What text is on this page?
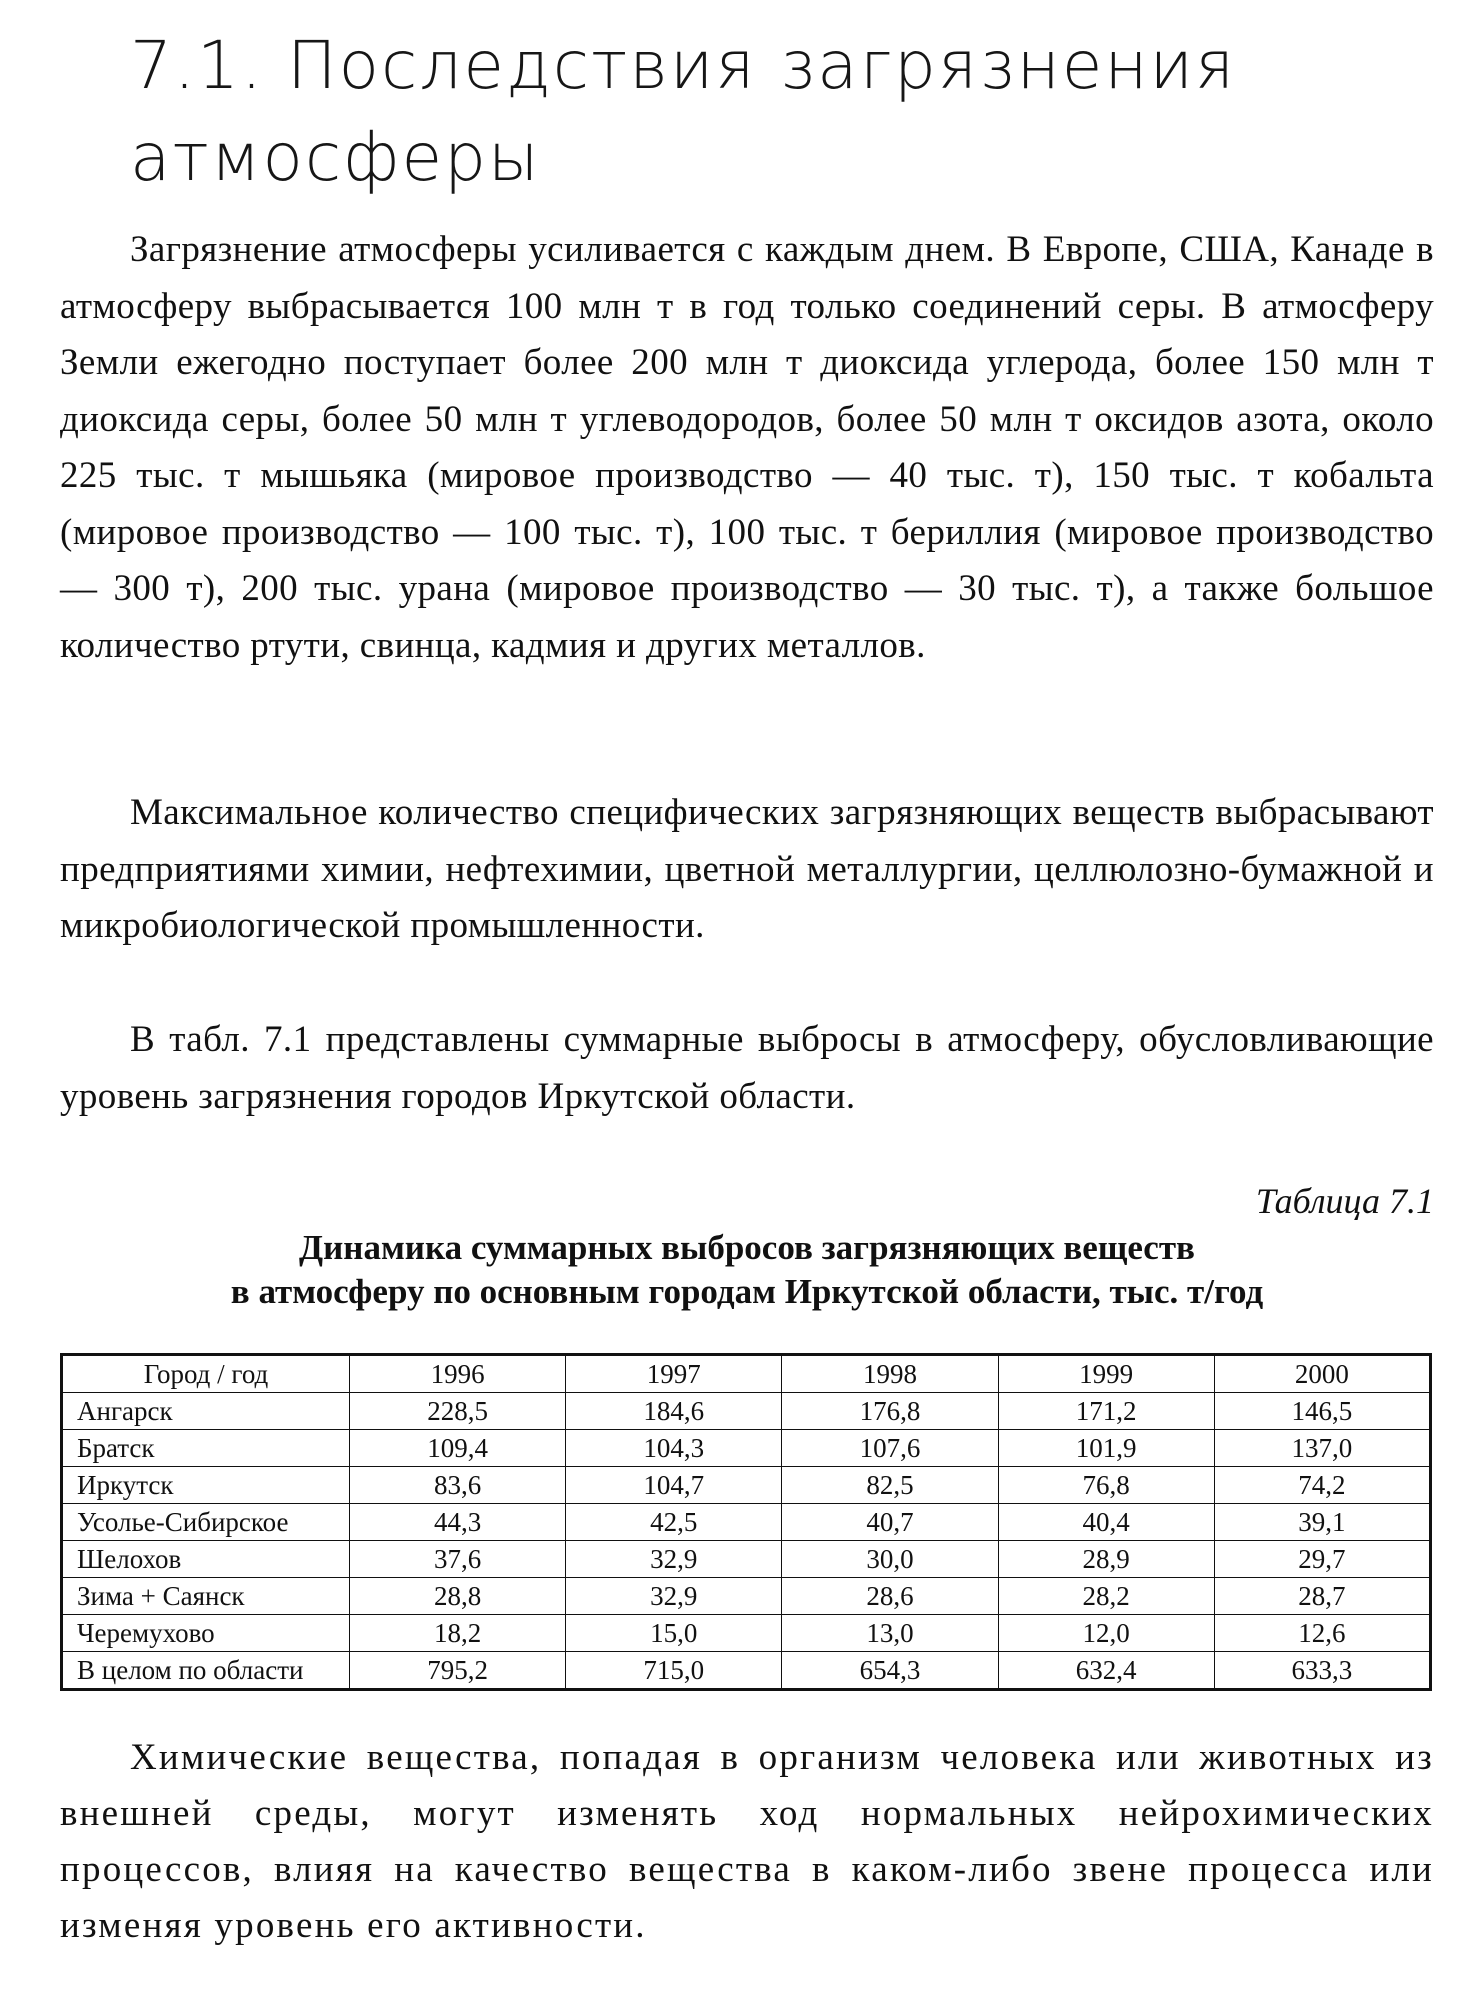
7.1. Последствия загрязнения
атмосферы

Загрязнение атмосферы усиливается с каждым днем. В Европе, США, Канаде в атмосферу выбрасывается 100 млн т в год только соединений серы. В атмосферу Земли ежегодно поступает более 200 млн т диоксида углерода, более 150 млн т диоксида серы, более 50 млн т углеводородов, более 50 млн т оксидов азота, около 225 тыс. т мышьяка (мировое производство — 40 тыс. т), 150 тыс. т кобальта (мировое производство — 100 тыс. т), 100 тыс. т бериллия (мировое производство — 300 т), 200 тыс. урана (мировое производство — 30 тыс. т), а также большое количество ртути, свинца, кадмия и других металлов.

Максимальное количество специфических загрязняющих веществ выбрасывают предприятиями химии, нефтехимии, цветной металлургии, целлюлозно-бумажной и микробиологической промышленности.

В табл. 7.1 представлены суммарные выбросы в атмосферу, обусловливающие уровень загрязнения городов Иркутской области.

Таблица 7.1
Динамика суммарных выбросов загрязняющих веществ
в атмосферу по основным городам Иркутской области, тыс. т/год
Город / год	1996	1997	1998	1999	2000
Ангарск	228,5	184,6	176,8	171,2	146,5
Братск	109,4	104,3	107,6	101,9	137,0
Иркутск	83,6	104,7	82,5	76,8	74,2
Усолье-Сибирское	44,3	42,5	40,7	40,4	39,1
Шелохов	37,6	32,9	30,0	28,9	29,7
Зима + Саянск	28,8	32,9	28,6	28,2	28,7
Черемухово	18,2	15,0	13,0	12,0	12,6
В целом по области	795,2	715,0	654,3	632,4	633,3

Химические вещества, попадая в организм человека или животных из внешней среды, могут изменять ход нормальных нейрохимических процессов, влияя на качество вещества в каком-либо звене процесса или изменяя уровень его активности.
